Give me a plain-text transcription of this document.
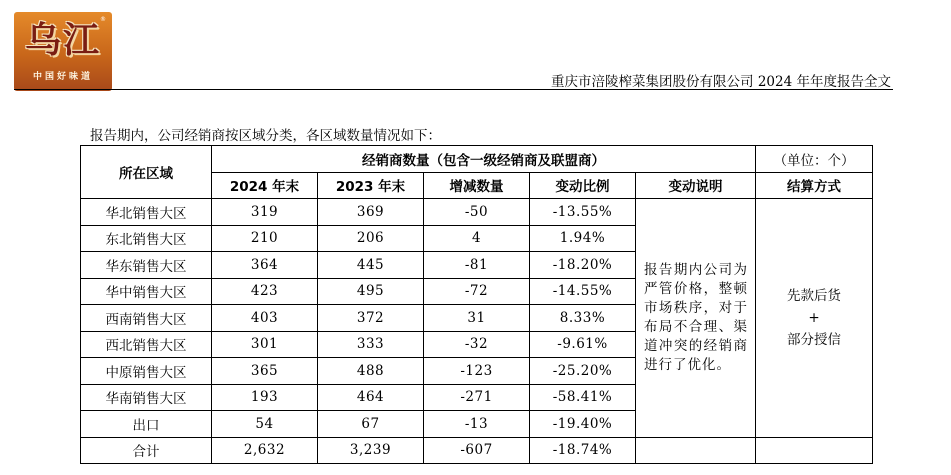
®
乌江
中国好味道	重庆市涪陵榨菜集团股份有限公司 2024 年年度报告全文
报告期内，公司经销商按区域分类，各区域数量情况如下：
所在区域	经销商数量（包含一级经销商及联盟商）					（单位：个）
	2024 年末	2023 年末	增减数量	变动比例	变动说明	结算方式
华北销售大区	319	369	-50	-13.55%	报告期内公司为严管价格，整顿市场秩序，对于布局不合理、渠道冲突的经销商进行了优化。	先款后货
+
部分授信

东北销售大区	210	206	4	1.94%		
华东销售大区	364	445	-81	-18.20%		
华中销售大区	423	495	-72	-14.55%		
西南销售大区	403	372	31	8.33%		
西北销售大区	301	333	-32	-9.61%		
中原销售大区	365	488	-123	-25.20%		
华南销售大区	193	464	-271	-58.41%		
出口	54	67	-13	-19.40%		
合计	2,632	3,239	-607	-18.74%		
